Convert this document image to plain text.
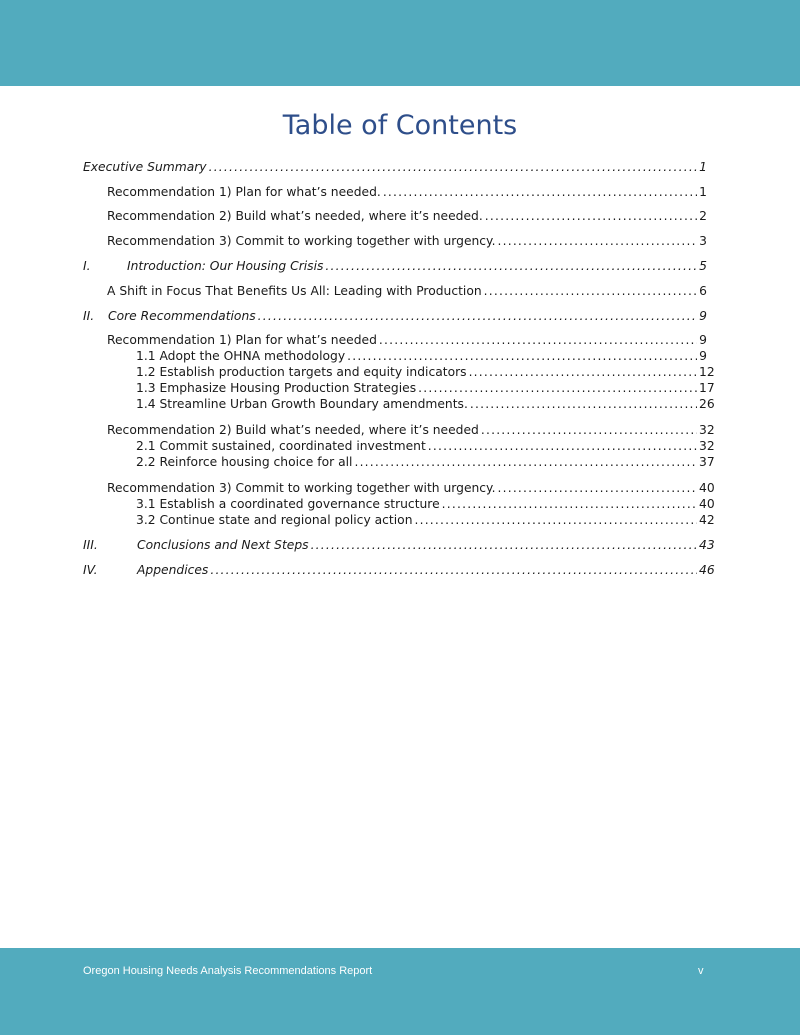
Table of Contents
Executive Summary .....	1
Recommendation 1) Plan for what’s needed. .....	1
Recommendation 2) Build what’s needed, where it’s needed. .....	2
Recommendation 3) Commit to working together with urgency. .....	3
I.	Introduction: Our Housing Crisis .....	5
A Shift in Focus That Benefits Us All: Leading with Production .....	6
II.	Core Recommendations .....	9
Recommendation 1) Plan for what’s needed .....	9
1.1 Adopt the OHNA methodology .....	9
1.2 Establish production targets and equity indicators .....	12
1.3 Emphasize Housing Production Strategies .....	17
1.4 Streamline Urban Growth Boundary amendments. .....	26
Recommendation 2) Build what’s needed, where it’s needed .....	32
2.1 Commit sustained, coordinated investment .....	32
2.2 Reinforce housing choice for all .....	37
Recommendation 3) Commit to working together with urgency. .....	40
3.1 Establish a coordinated governance structure .....	40
3.2 Continue state and regional policy action .....	42
III.	Conclusions and Next Steps .....	43
IV.	Appendices .....	46
Oregon Housing Needs Analysis Recommendations Report	v
